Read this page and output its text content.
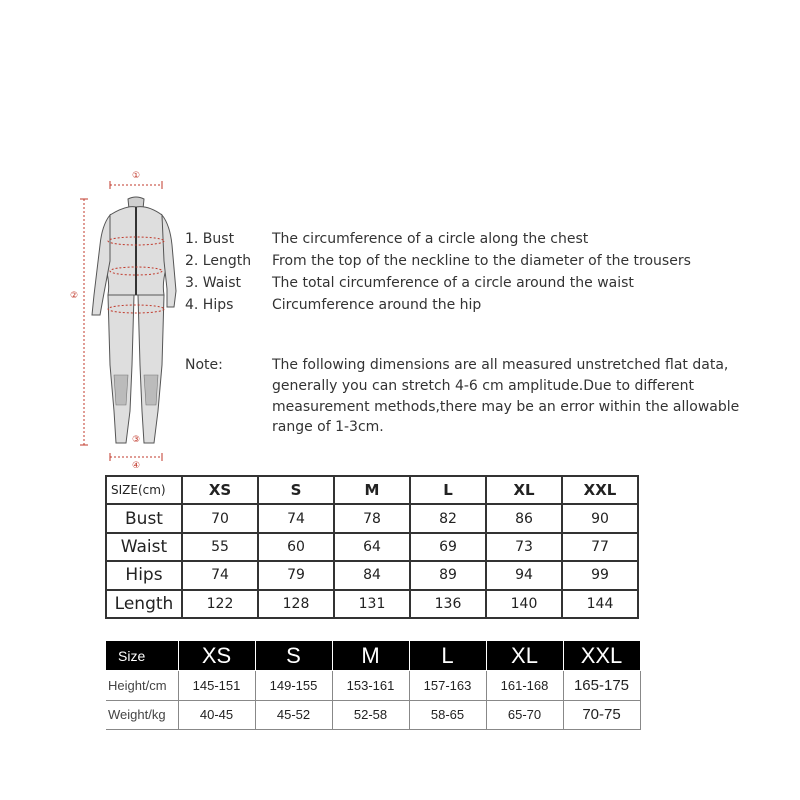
①
②
③
④
1. Bust	The circumference of a circle along the chest
2. Length From the top of the neckline to the diameter of the trousers
3. Waist The total circumference of a circle around the waist
4. Hips	Circumference around the hip
Note:	The following dimensions are all measured unstretched flat data,
generally you can stretch 4-6 cm amplitude.Due to different
measurement methods,there may be an error within the allowable
range of 1-3cm.
SIZE(cm)	XS	S	M	L	XL	XXL
Bust	70	74	78	82	86	90
Waist	55	60	64	69	73	77
Hips	74	79	84	89	94	99
Length	122	128	131	136	140	144
Size	XS	S	M	L	XL	XXL
Height/cm	145-151	149-155	153-161	157-163	161-168	165-175
Weight/kg	40-45	45-52	52-58	58-65	65-70	70-75
